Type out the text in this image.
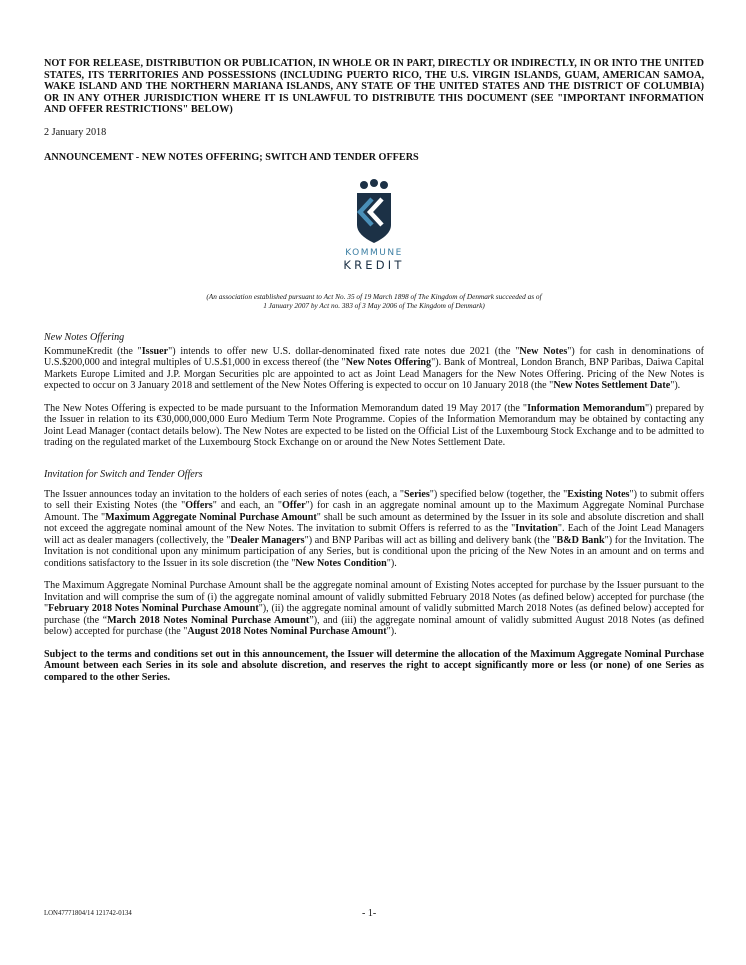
NOT FOR RELEASE, DISTRIBUTION OR PUBLICATION, IN WHOLE OR IN PART, DIRECTLY OR INDIRECTLY, IN OR INTO THE UNITED STATES, ITS TERRITORIES AND POSSESSIONS (INCLUDING PUERTO RICO, THE U.S. VIRGIN ISLANDS, GUAM, AMERICAN SAMOA, WAKE ISLAND AND THE NORTHERN MARIANA ISLANDS, ANY STATE OF THE UNITED STATES AND THE DISTRICT OF COLUMBIA) OR IN ANY OTHER JURISDICTION WHERE IT IS UNLAWFUL TO DISTRIBUTE THIS DOCUMENT (SEE "IMPORTANT INFORMATION AND OFFER RESTRICTIONS" BELOW)

2 January 2018

ANNOUNCEMENT - NEW NOTES OFFERING; SWITCH AND TENDER OFFERS

KOMMUNE
KREDIT
(An association established pursuant to Act No. 35 of 19 March 1898 of The Kingdom of Denmark succeeded as of
1 January 2007 by Act no. 383 of 3 May 2006 of The Kingdom of Denmark)

New Notes Offering

KommuneKredit (the "Issuer") intends to offer new U.S. dollar-denominated fixed rate notes due 2021 (the "New Notes") for cash in denominations of U.S.$200,000 and integral multiples of U.S.$1,000 in excess thereof (the "New Notes Offering"). Bank of Montreal, London Branch, BNP Paribas, Daiwa Capital Markets Europe Limited and J.P. Morgan Securities plc are appointed to act as Joint Lead Managers for the New Notes Offering. Pricing of the New Notes is expected to occur on 3 January 2018 and settlement of the New Notes Offering is expected to occur on 10 January 2018 (the "New Notes Settlement Date").

The New Notes Offering is expected to be made pursuant to the Information Memorandum dated 19 May 2017 (the "Information Memorandum") prepared by the Issuer in relation to its €30,000,000,000 Euro Medium Term Note Programme. Copies of the Information Memorandum may be obtained by contacting any Joint Lead Manager (contact details below). The New Notes are expected to be listed on the Official List of the Luxembourg Stock Exchange and to be admitted to trading on the regulated market of the Luxembourg Stock Exchange on or around the New Notes Settlement Date.

Invitation for Switch and Tender Offers

The Issuer announces today an invitation to the holders of each series of notes (each, a "Series") specified below (together, the "Existing Notes") to submit offers to sell their Existing Notes (the "Offers" and each, an "Offer") for cash in an aggregate nominal amount up to the Maximum Aggregate Nominal Purchase Amount. The "Maximum Aggregate Nominal Purchase Amount" shall be such amount as determined by the Issuer in its sole and absolute discretion and shall not exceed the aggregate nominal amount of the New Notes. The invitation to submit Offers is referred to as the "Invitation". Each of the Joint Lead Managers will act as dealer managers (collectively, the "Dealer Managers") and BNP Paribas will act as billing and delivery bank (the "B&D Bank") for the Invitation. The Invitation is not conditional upon any minimum participation of any Series, but is conditional upon the pricing of the New Notes in an amount and on terms and conditions satisfactory to the Issuer in its sole discretion (the "New Notes Condition").

The Maximum Aggregate Nominal Purchase Amount shall be the aggregate nominal amount of Existing Notes accepted for purchase by the Issuer pursuant to the Invitation and will comprise the sum of (i) the aggregate nominal amount of validly submitted February 2018 Notes (as defined below) accepted for purchase (the "February 2018 Notes Nominal Purchase Amount"), (ii) the aggregate nominal amount of validly submitted March 2018 Notes (as defined below) accepted for purchase (the “March 2018 Notes Nominal Purchase Amount”), and (iii) the aggregate nominal amount of validly submitted August 2018 Notes (as defined below) accepted for purchase (the "August 2018 Notes Nominal Purchase Amount").

Subject to the terms and conditions set out in this announcement, the Issuer will determine the allocation of the Maximum Aggregate Nominal Purchase Amount between each Series in its sole and absolute discretion, and reserves the right to accept significantly more or less (or none) of one Series as compared to the other Series.

LON47771804/14 121742-0134	- 1-
